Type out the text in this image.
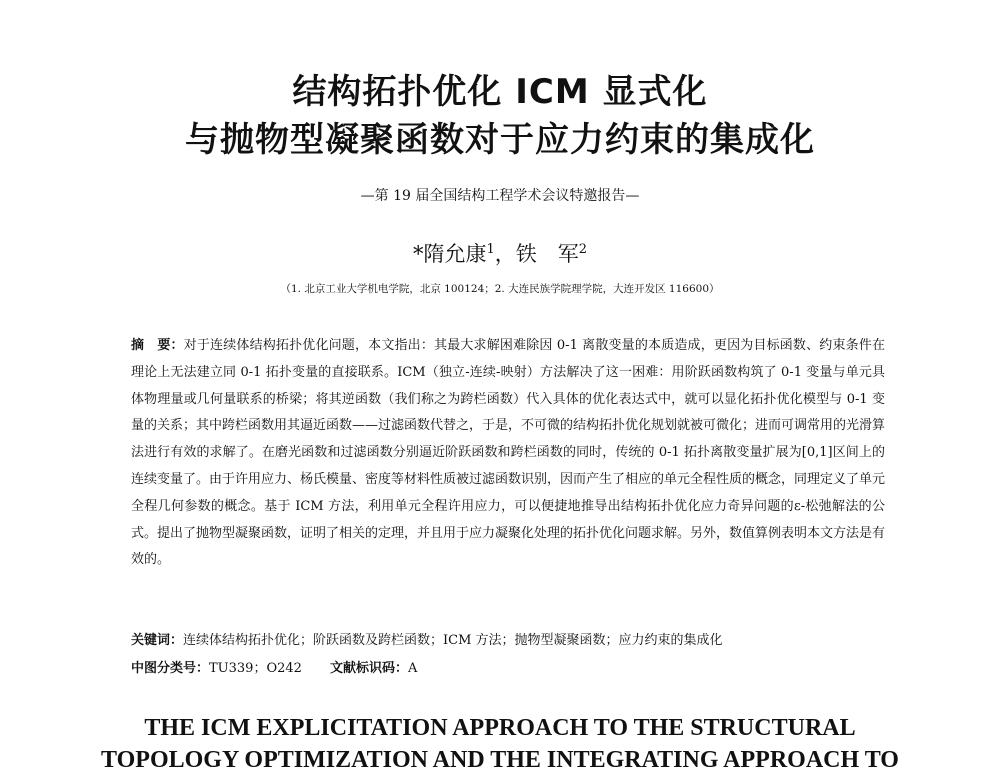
结构拓扑优化 ICM 显式化
与抛物型凝聚函数对于应力约束的集成化
—第 19 届全国结构工程学术会议特邀报告—
*隋允康$^1$，铁　军$^2$
（1. 北京工业大学机电学院，北京 100124；2. 大连民族学院理学院，大连开发区 116600）
摘　要：对于连续体结构拓扑优化问题，本文指出：其最大求解困难除因 0-1 离散变量的本质造成，更因为目标函数、约束条件在理论上无法建立同 0-1 拓扑变量的直接联系。ICM（独立-连续-映射）方法解决了这一困难：用阶跃函数构筑了 0-1 变量与单元具体物理量或几何量联系的桥梁；将其逆函数（我们称之为跨栏函数）代入具体的优化表达式中，就可以显化拓扑优化模型与 0-1 变量的关系；其中跨栏函数用其逼近函数——过滤函数代替之，于是，不可微的结构拓扑优化规划就被可微化；进而可调常用的光滑算法进行有效的求解了。在磨光函数和过滤函数分别逼近阶跃函数和跨栏函数的同时，传统的 0-1 拓扑离散变量扩展为[0,1]区间上的连续变量了。由于许用应力、杨氏模量、密度等材料性质被过滤函数识别，因而产生了相应的单元全程性质的概念，同理定义了单元全程几何参数的概念。基于 ICM 方法，利用单元全程许用应力，可以便捷地推导出结构拓扑优化应力奇异问题的ε-松弛解法的公式。提出了抛物型凝聚函数，证明了相关的定理，并且用于应力凝聚化处理的拓扑优化问题求解。另外，数值算例表明本文方法是有效的。
关键词：连续体结构拓扑优化；阶跃函数及跨栏函数；ICM 方法；抛物型凝聚函数；应力约束的集成化
中图分类号：TU339；O242 文献标识码：A
THE ICM EXPLICITATION APPROACH TO THE STRUCTURAL
TOPOLOGY OPTIMIZATION AND THE INTEGRATING APPROACH TO
